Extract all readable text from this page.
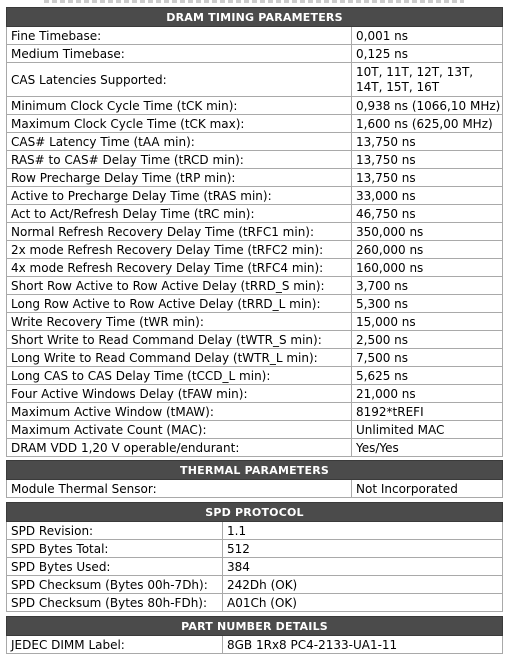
DRAM TIMING PARAMETERS	
Fine Timebase:	0,001 ns
Medium Timebase:	0,125 ns
CAS Latencies Supported:	10T, 11T, 12T, 13T, 14T, 15T, 16T
Minimum Clock Cycle Time (tCK min):	0,938 ns (1066,10 MHz)
Maximum Clock Cycle Time (tCK max):	1,600 ns (625,00 MHz)
CAS# Latency Time (tAA min):	13,750 ns
RAS# to CAS# Delay Time (tRCD min):	13,750 ns
Row Precharge Delay Time (tRP min):	13,750 ns
Active to Precharge Delay Time (tRAS min):	33,000 ns
Act to Act/Refresh Delay Time (tRC min):	46,750 ns
Normal Refresh Recovery Delay Time (tRFC1 min):	350,000 ns
2x mode Refresh Recovery Delay Time (tRFC2 min):	260,000 ns
4x mode Refresh Recovery Delay Time (tRFC4 min):	160,000 ns
Short Row Active to Row Active Delay (tRRD_S min):	3,700 ns
Long Row Active to Row Active Delay (tRRD_L min):	5,300 ns
Write Recovery Time (tWR min):	15,000 ns
Short Write to Read Command Delay (tWTR_S min):	2,500 ns
Long Write to Read Command Delay (tWTR_L min):	7,500 ns
Long CAS to CAS Delay Time (tCCD_L min):	5,625 ns
Four Active Windows Delay (tFAW min):	21,000 ns
Maximum Active Window (tMAW):	8192*tREFI
Maximum Activate Count (MAC):	Unlimited MAC
DRAM VDD 1,20 V operable/endurant:	Yes/Yes
THERMAL PARAMETERS
Module Thermal Sensor:	Not Incorporated
SPD PROTOCOL	
SPD Revision:	1.1
SPD Bytes Total:	512
SPD Bytes Used:	384
SPD Checksum (Bytes 00h-7Dh):	242Dh (OK)
SPD Checksum (Bytes 80h-FDh):	A01Ch (OK)
PART NUMBER DETAILS
JEDEC DIMM Label:	8GB 1Rx8 PC4-2133-UA1-11
